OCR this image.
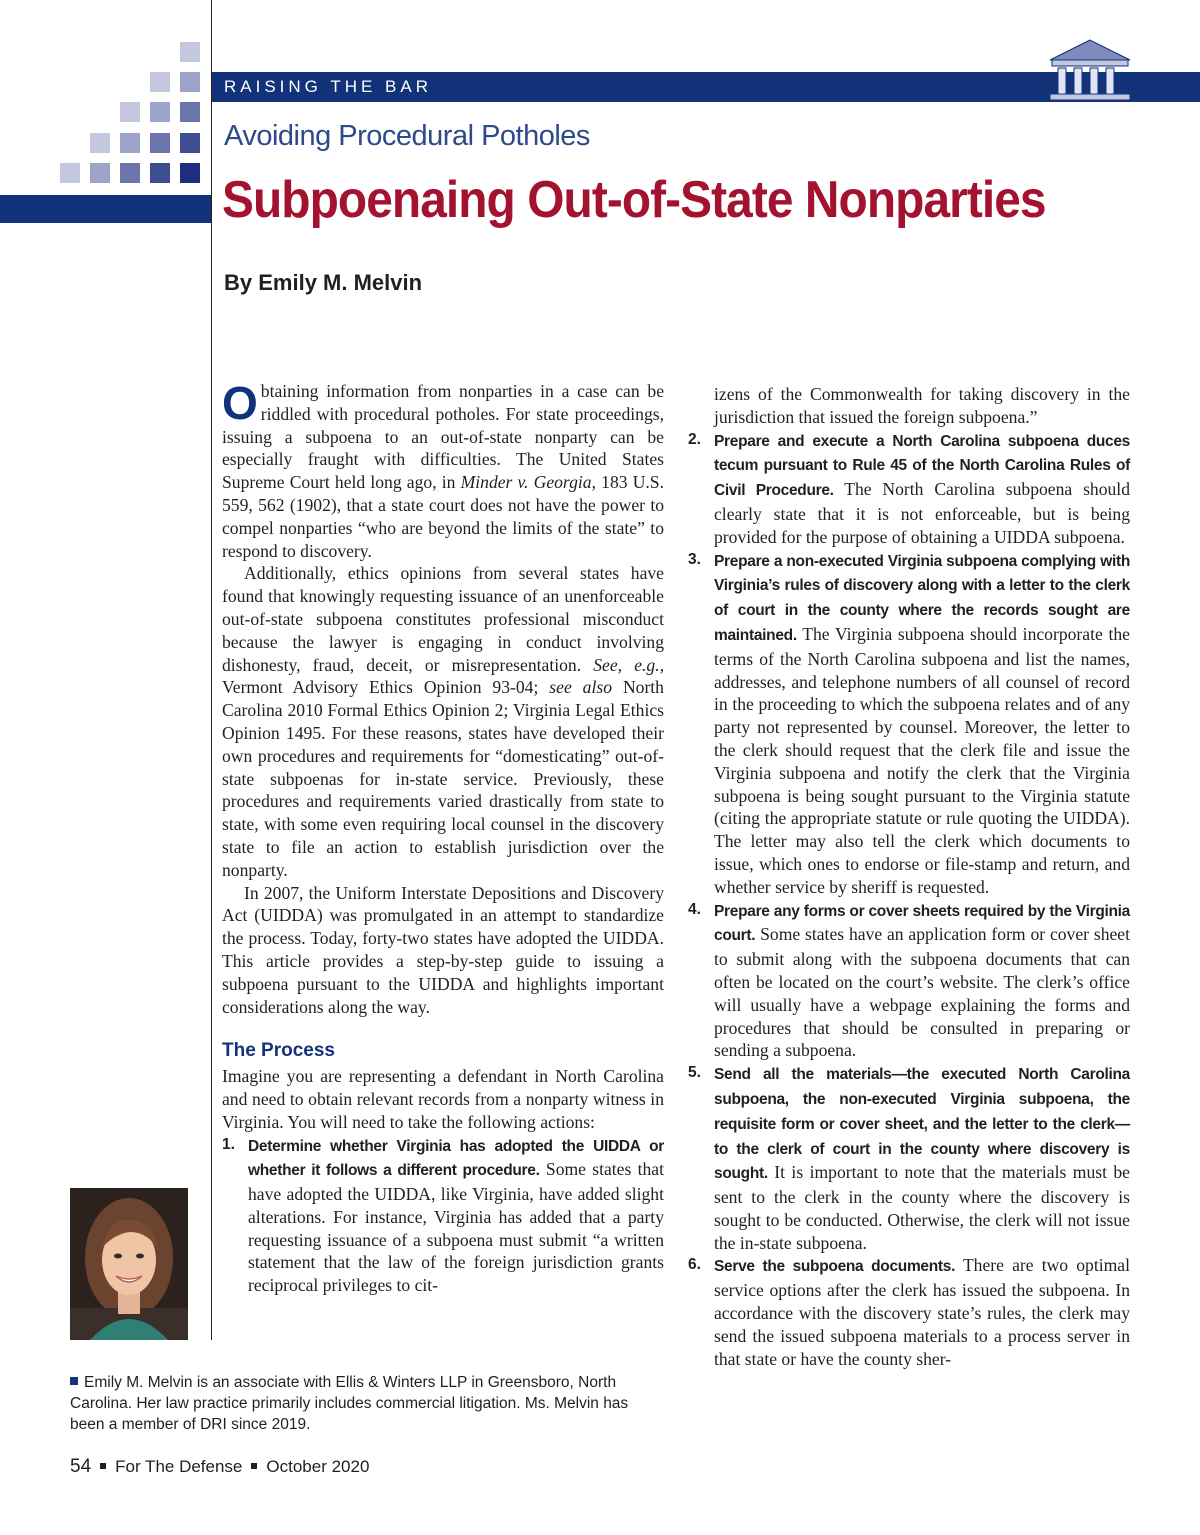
RAISING THE BAR
Avoiding Procedural Potholes
Subpoenaing Out-of-State Nonparties
By Emily M. Melvin

Obtaining information from nonparties in a case can be riddled with procedural potholes. For state proceedings, issuing a subpoena to an out-of-state nonparty can be especially fraught with difficulties. The United States Supreme Court held long ago, in Minder v. Georgia, 183 U.S. 559, 562 (1902), that a state court does not have the power to compel nonparties “who are beyond the limits of the state” to respond to discovery.

Additionally, ethics opinions from several states have found that knowingly requesting issuance of an unenforceable out-of-state subpoena constitutes professional misconduct because the lawyer is engaging in conduct involving dishonesty, fraud, deceit, or misrepresentation. See, e.g., Vermont Advisory Ethics Opinion 93-04; see also North Carolina 2010 Formal Ethics Opinion 2; Virginia Legal Ethics Opinion 1495. For these reasons, states have developed their own procedures and requirements for “domesticating” out-of-state subpoenas for in-state service. Previously, these procedures and requirements varied drastically from state to state, with some even requiring local counsel in the discovery state to file an action to establish jurisdiction over the nonparty.

In 2007, the Uniform Interstate Depositions and Discovery Act (UIDDA) was promulgated in an attempt to standardize the process. Today, forty-two states have adopted the UIDDA. This article provides a step-by-step guide to issuing a subpoena pursuant to the UIDDA and highlights important considerations along the way.

The Process

Imagine you are representing a defendant in North Carolina and need to obtain relevant records from a nonparty witness in Virginia. You will need to take the following actions:

1. Determine whether Virginia has adopted the UIDDA or whether it follows a different procedure. Some states that have adopted the UIDDA, like Virginia, have added slight alterations. For instance, Virginia has added that a party requesting issuance of a subpoena must submit “a written statement that the law of the foreign jurisdiction grants reciprocal privileges to cit-

izens of the Commonwealth for taking discovery in the jurisdiction that issued the foreign subpoena.”

2. Prepare and execute a North Carolina subpoena duces tecum pursuant to Rule 45 of the North Carolina Rules of Civil Procedure. The North Carolina subpoena should clearly state that it is not enforceable, but is being provided for the purpose of obtaining a UIDDA subpoena.
3. Prepare a non-executed Virginia subpoena complying with Virginia’s rules of discovery along with a letter to the clerk of court in the county where the records sought are maintained. The Virginia subpoena should incorporate the terms of the North Carolina subpoena and list the names, addresses, and telephone numbers of all counsel of record in the proceeding to which the subpoena relates and of any party not represented by counsel. Moreover, the letter to the clerk should request that the clerk file and issue the Virginia subpoena and notify the clerk that the Virginia subpoena is being sought pursuant to the Virginia statute (citing the appropriate statute or rule quoting the UIDDA). The letter may also tell the clerk which documents to issue, which ones to endorse or file-stamp and return, and whether service by sheriff is requested.
4. Prepare any forms or cover sheets required by the Virginia court. Some states have an application form or cover sheet to submit along with the subpoena documents that can often be located on the court’s website. The clerk’s office will usually have a webpage explaining the forms and procedures that should be consulted in preparing or sending a subpoena.
5. Send all the materials—the executed North Carolina subpoena, the non-executed Virginia subpoena, the requisite form or cover sheet, and the letter to the clerk—to the clerk of court in the county where discovery is sought. It is important to note that the materials must be sent to the clerk in the county where the discovery is sought to be conducted. Otherwise, the clerk will not issue the in-state subpoena.
6. Serve the subpoena documents. There are two optimal service options after the clerk has issued the subpoena. In accordance with the discovery state’s rules, the clerk may send the issued subpoena materials to a process server in that state or have the county sher-
Emily M. Melvin is an associate with Ellis & Winters LLP in Greensboro, North Carolina. Her law practice primarily includes commercial litigation. Ms. Melvin has been a member of DRI since 2019.
54 For The Defense October 2020
